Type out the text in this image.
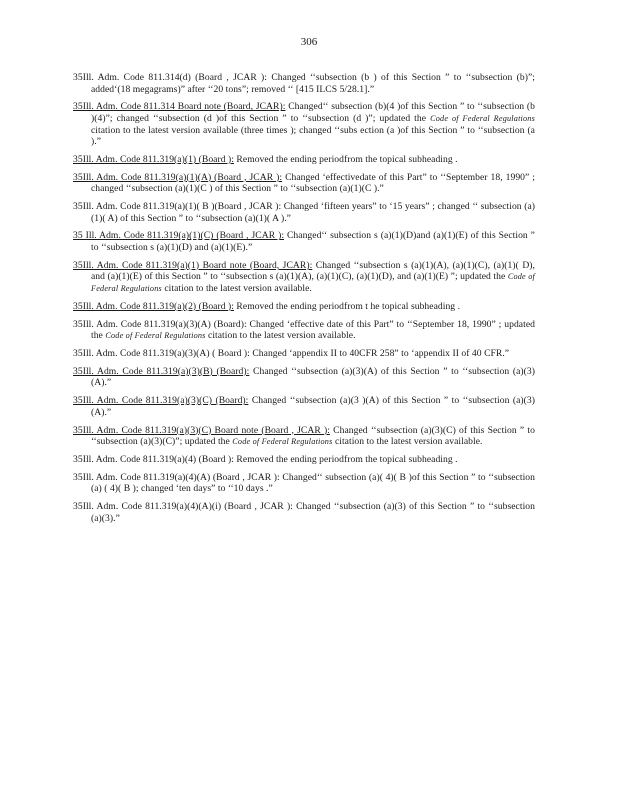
306

35Ill. Adm. Code 811.314(d) (Board , JCAR ): Changed ‘‘subsection (b ) of this Section ” to ‘‘subsection (b)”; added‘(18 megagrams)” after ‘‘20 tons”; removed ‘‘ [415 ILCS 5/28.1].”

35Ill. Adm. Code 811.314 Board note (Board, JCAR): Changed‘‘ subsection (b)(4 )of this Section ” to ‘‘subsection (b )(4)”; changed ‘‘subsection (d )of this Section ” to ‘‘subsection (d )”; updated the Code of Federal Regulations citation to the latest version available (three times ); changed ‘‘subs ection (a )of this Section ” to ‘‘subsection (a ).”

35Ill. Adm. Code 811.319(a)(1) (Board ): Removed the ending periodfrom the topical subheading .

35Ill. Adm. Code 811.319(a)(1)(A) (Board , JCAR ): Changed ‘effectivedate of this Part” to ‘‘September 18, 1990” ; changed ‘‘subsection (a)(1)(C ) of this Section ” to ‘‘subsection (a)(1)(C ).”

35Ill. Adm. Code 811.319(a)(1)( B )(Board , JCAR ): Changed ‘fifteen years” to ‘15 years” ; changed ‘‘ subsection (a)(1)( A) of this Section ” to ‘‘subsection (a)(1)( A ).”

35 Ill. Adm. Code 811.319(a)(1)(C) (Board , JCAR ): Changed‘‘ subsection s (a)(1)(D)and (a)(1)(E) of this Section ” to ‘‘subsection s (a)(1)(D) and (a)(1)(E).”

35Ill. Adm. Code 811.319(a)(1) Board note (Board, JCAR): Changed ‘‘subsection s (a)(1)(A), (a)(1)(C), (a)(1)( D), and (a)(1)(E) of this Section ” to ‘‘subsection s (a)(1)(A), (a)(1)(C), (a)(1)(D), and (a)(1)(E) ”; updated the Code of Federal Regulations citation to the latest version available.

35Ill. Adm. Code 811.319(a)(2) (Board ): Removed the ending periodfrom t he topical subheading .

35Ill. Adm. Code 811.319(a)(3)(A) (Board): Changed ‘effective date of this Part” to ‘‘September 18, 1990” ; updated the Code of Federal Regulations citation to the latest version available.

35Ill. Adm. Code 811.319(a)(3)(A) ( Board ): Changed ‘appendix II to 40CFR 258” to ‘appendix II of 40 CFR.”

35Ill. Adm. Code 811.319(a)(3)(B) (Board): Changed ‘‘subsection (a)(3)(A) of this Section ” to ‘‘subsection (a)(3)(A).”

35Ill. Adm. Code 811.319(a)(3)(C) (Board): Changed ‘‘subsection (a)(3 )(A) of this Section ” to ‘‘subsection (a)(3)(A).”

35Ill. Adm. Code 811.319(a)(3)(C) Board note (Board , JCAR ): Changed ‘‘subsection (a)(3)(C) of this Section ” to ‘‘subsection (a)(3)(C)”; updated the Code of Federal Regulations citation to the latest version available.

35Ill. Adm. Code 811.319(a)(4) (Board ): Removed the ending periodfrom the topical subheading .

35Ill. Adm. Code 811.319(a)(4)(A) (Board , JCAR ): Changed‘‘ subsection (a)( 4)( B )of this Section ” to ‘‘subsection (a) ( 4)( B ); changed ‘ten days” to ‘‘10 days .”

35Ill. Adm. Code 811.319(a)(4)(A)(i) (Board , JCAR ): Changed ‘‘subsection (a)(3) of this Section ” to ‘‘subsection (a)(3).”
